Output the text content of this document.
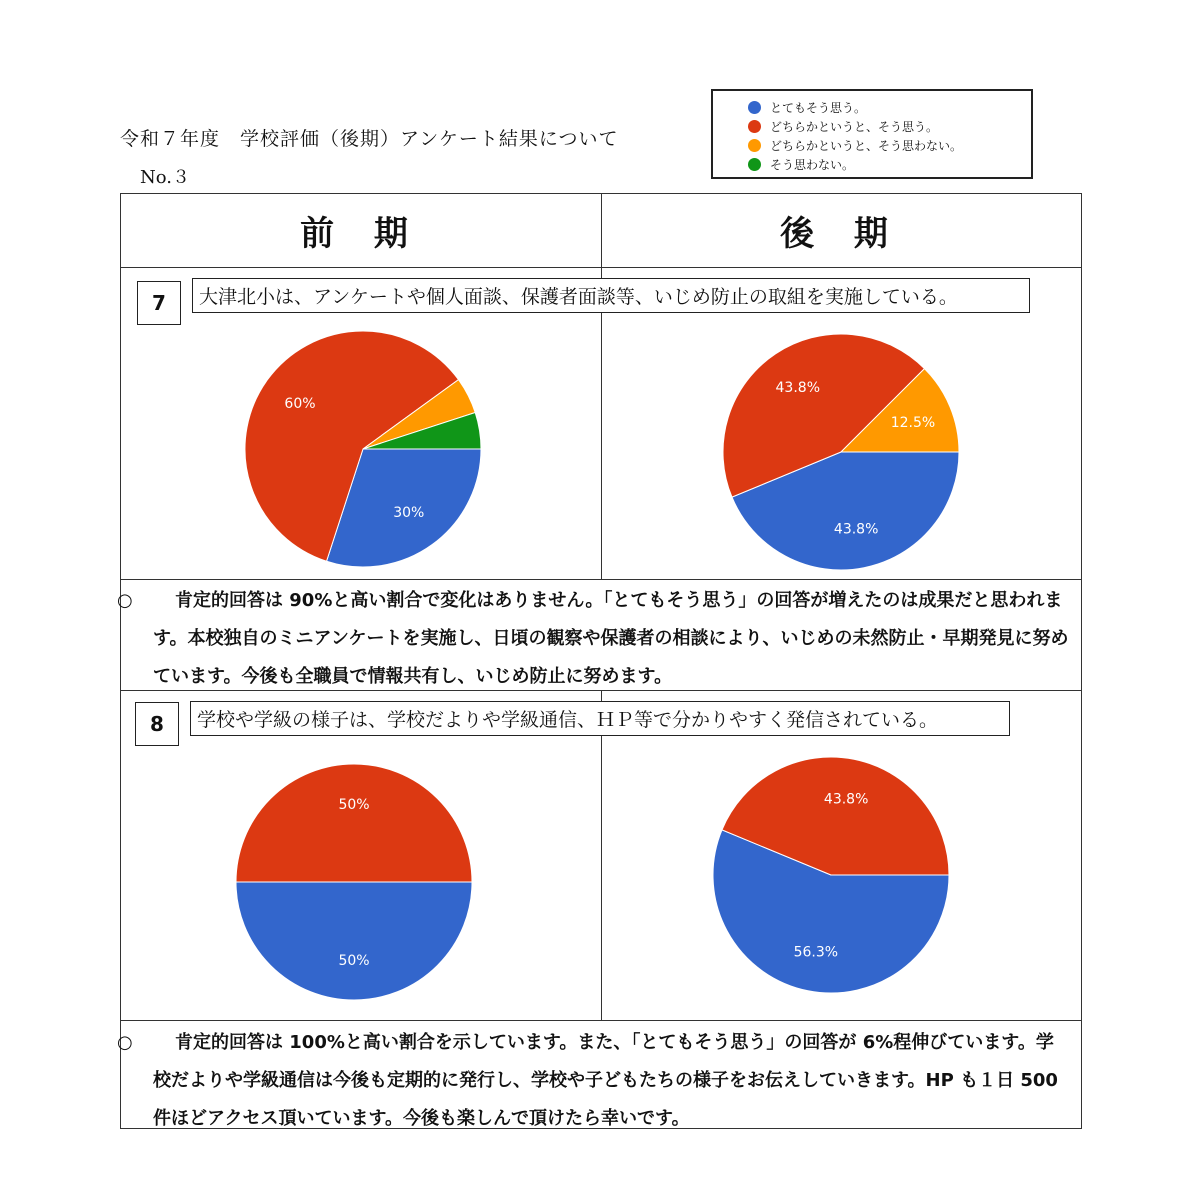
令和７年度　学校評価（後期）アンケート結果について
No.３
とてもそう思う。
どちらかというと、そう思う。
どちらかというと、そう思わない。
そう思わない。
前 期	後 期
7	大津北小は、アンケートや個人面談、保護者面談等、いじめ防止の取組を実施している。
30%
60%
43.8%
43.8%
12.5%
○ 肯定的回答は 90%と高い割合で変化はありません。「とてもそう思う」の回答が増えたのは成果だと思われます。本校独自のミニアンケートを実施し、日頃の観察や保護者の相談により、いじめの未然防止・早期発見に努めています。今後も全職員で情報共有し、いじめ防止に努めます。
8	学校や学級の様子は、学校だよりや学級通信、ＨＰ等で分かりやすく発信されている。
50%
50%
56.3%
43.8%
○ 肯定的回答は 100%と高い割合を示しています。また、「とてもそう思う」の回答が 6%程伸びています。学校だよりや学級通信は今後も定期的に発行し、学校や子どもたちの様子をお伝えしていきます。HP も１日 500 件ほどアクセス頂いています。今後も楽しんで頂けたら幸いです。
